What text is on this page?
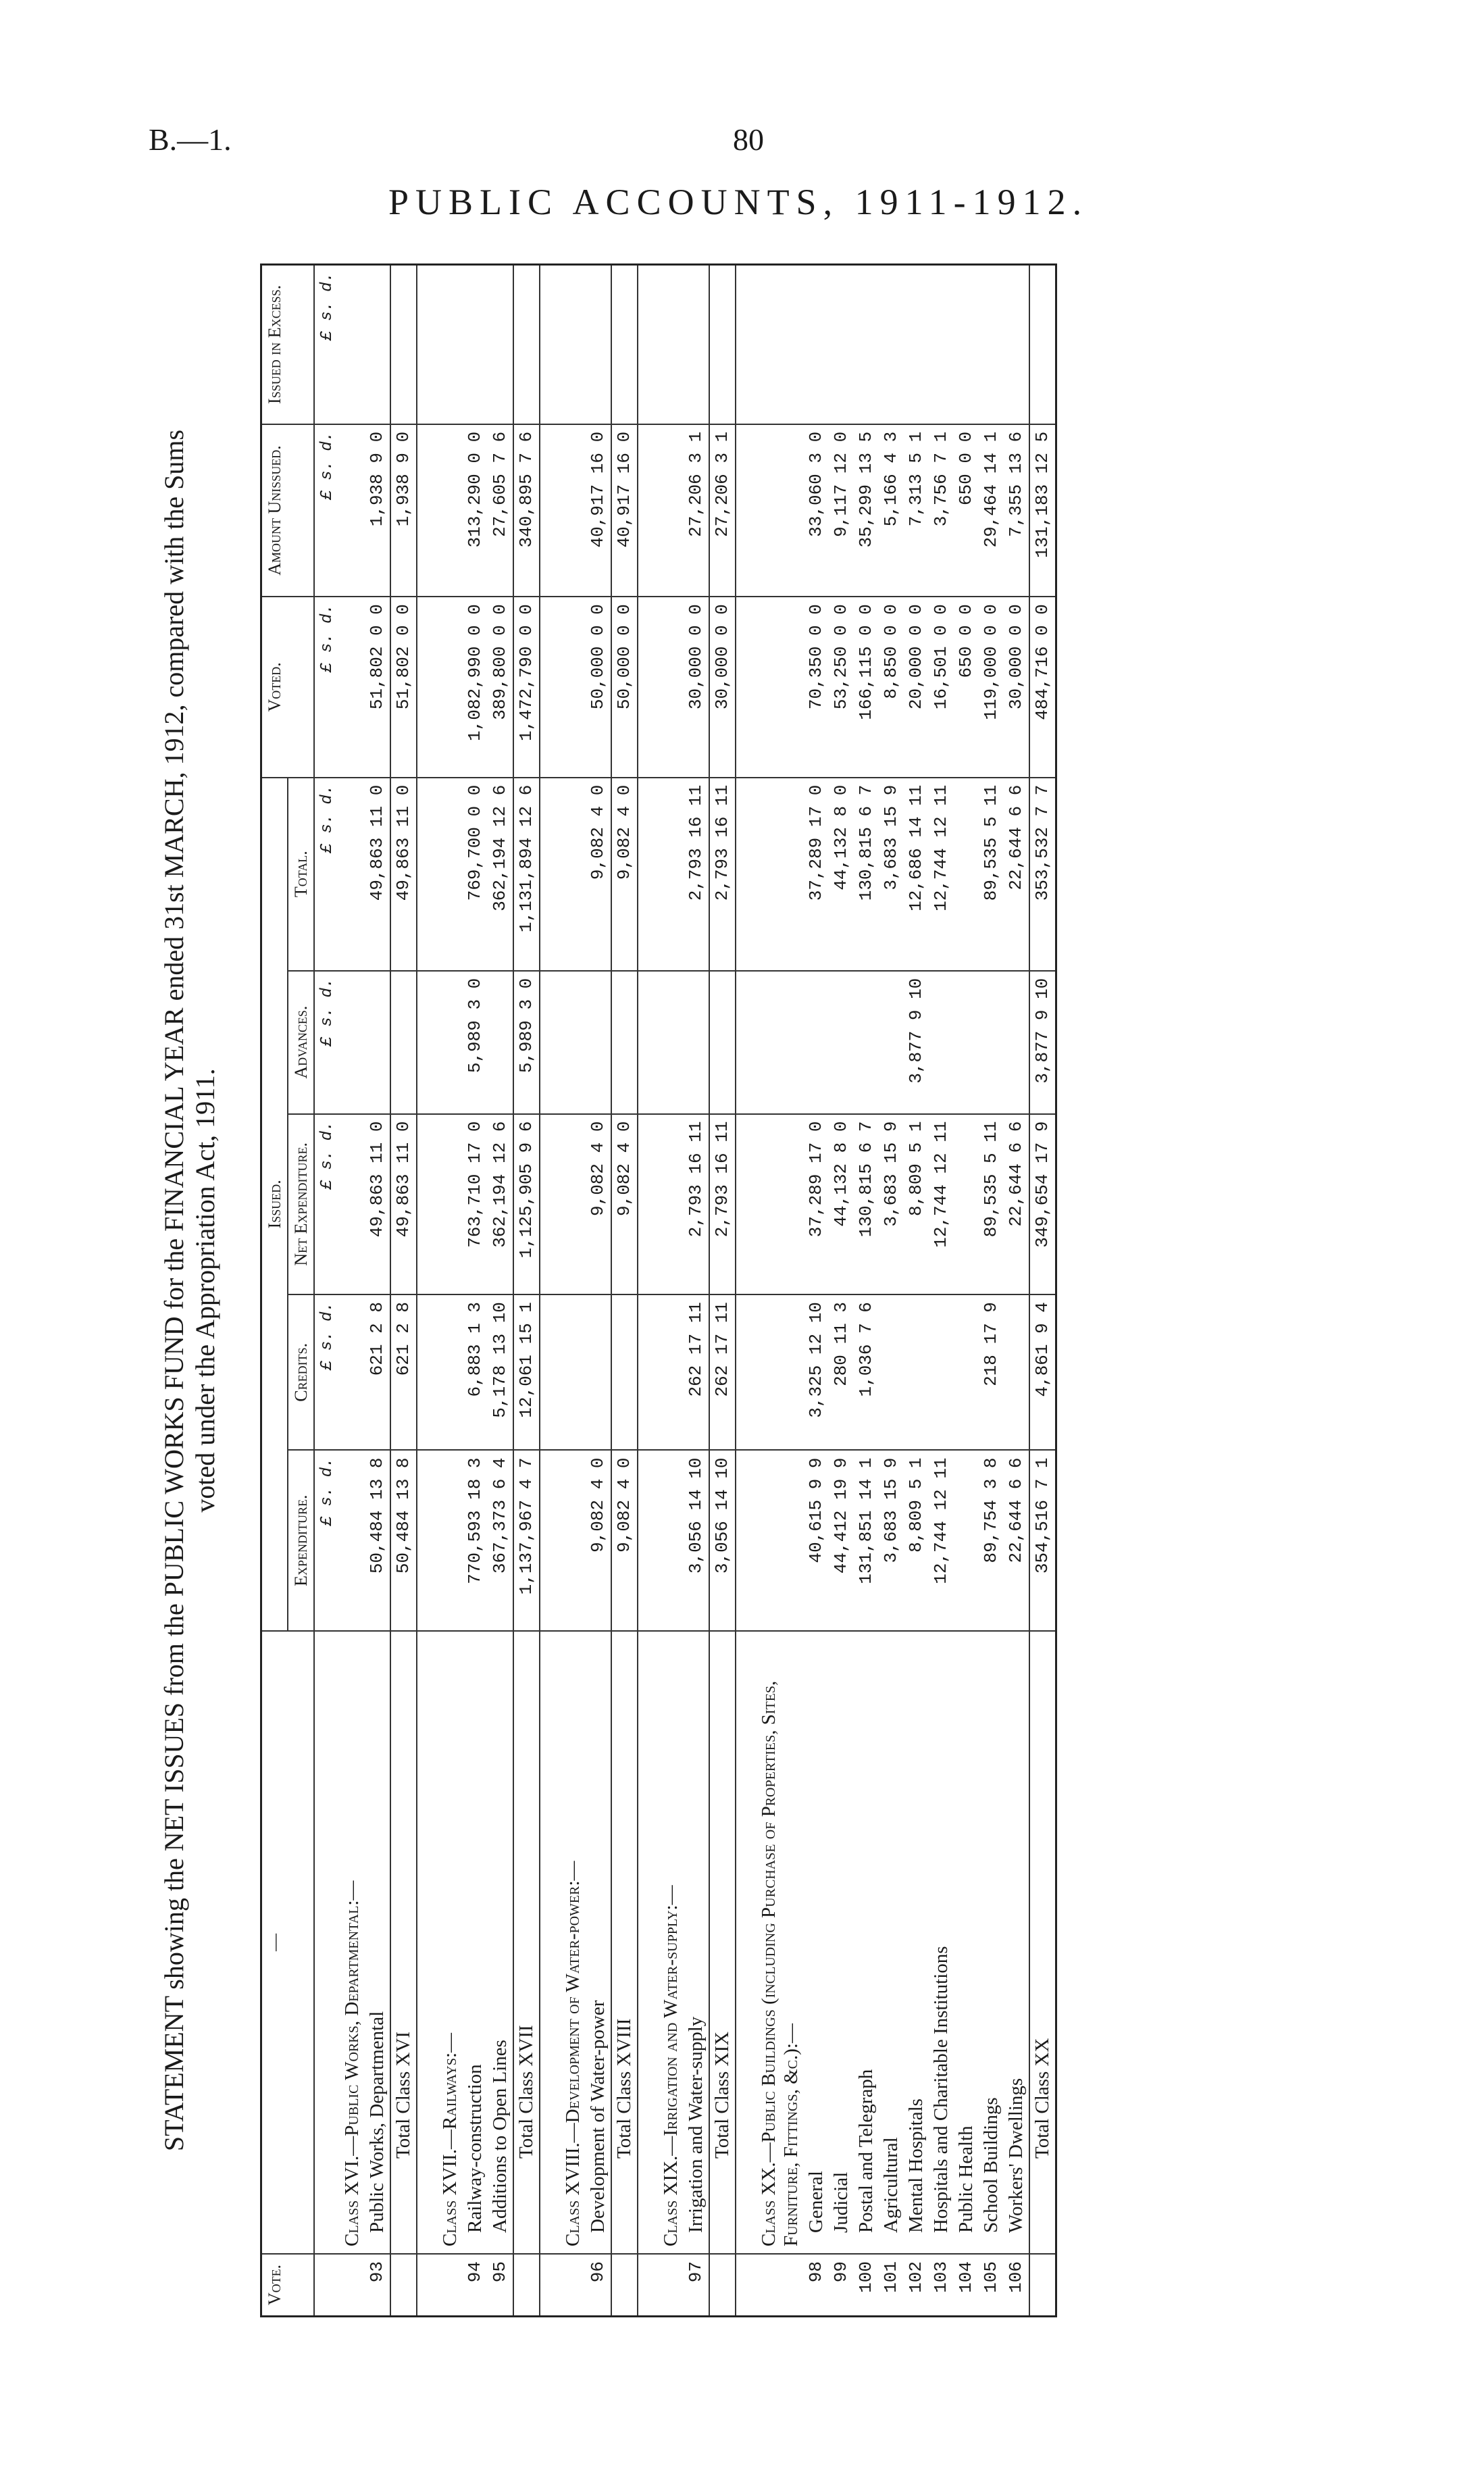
B.—1.	80
PUBLIC ACCOUNTS, 1911-1912.
STATEMENT showing the NET ISSUES from the PUBLIC WORKS FUND for the FINANCIAL YEAR ended 31st MARCH, 1912, compared with the Sums voted under the Appropriation Act, 1911.
Vote.	—	Issued.					Voted.	Amount Unissued.	Issued in Excess.
		Expenditure.	Credits.	Net Expenditure.	Advances.	Total.			
		£ s. d.	£ s. d.	£ s. d.	£ s. d.	£ s. d.	£ s. d.	£ s. d.	£ s. d.
	Class XVI.—Public Works, Departmental:—								
93	Public Works, Departmental	50,484 13 8	621 2 8	49,863 11 0		49,863 11 0	51,802 0 0	1,938 9 0	
	Total Class XVI	50,484 13 8	621 2 8	49,863 11 0		49,863 11 0	51,802 0 0	1,938 9 0	

	Class XVII.—Railways:—								
94	Railway-construction	770,593 18 3	6,883 1 3	763,710 17 0	5,989 3 0	769,700 0 0	1,082,990 0 0	313,290 0 0	
95	Additions to Open Lines	367,373 6 4	5,178 13 10	362,194 12 6		362,194 12 6	389,800 0 0	27,605 7 6	
	Total Class XVII	1,137,967 4 7	12,061 15 1	1,125,905 9 6	5,989 3 0	1,131,894 12 6	1,472,790 0 0	340,895 7 6	

	Class XVIII.—Development of Water-power:—								
96	Development of Water-power	9,082 4 0		9,082 4 0		9,082 4 0	50,000 0 0	40,917 16 0	
	Total Class XVIII	9,082 4 0		9,082 4 0		9,082 4 0	50,000 0 0	40,917 16 0	

	Class XIX.—Irrigation and Water-supply:—								
97	Irrigation and Water-supply	3,056 14 10	262 17 11	2,793 16 11		2,793 16 11	30,000 0 0	27,206 3 1	
	Total Class XIX	3,056 14 10	262 17 11	2,793 16 11		2,793 16 11	30,000 0 0	27,206 3 1	

	Class XX.—Public Buildings (including Purchase of Properties, Sites, Furniture, Fittings, &c.):—								
98	General	40,615 9 9	3,325 12 10	37,289 17 0		37,289 17 0	70,350 0 0	33,060 3 0	
99	Judicial	44,412 19 9	280 11 3	44,132 8 0		44,132 8 0	53,250 0 0	9,117 12 0	
100	Postal and Telegraph	131,851 14 1	1,036 7 6	130,815 6 7		130,815 6 7	166,115 0 0	35,299 13 5	
101	Agricultural	3,683 15 9		3,683 15 9		3,683 15 9	8,850 0 0	5,166 4 3	
102	Mental Hospitals	8,809 5 1		8,809 5 1	3,877 9 10	12,686 14 11	20,000 0 0	7,313 5 1	
103	Hospitals and Charitable Institutions	12,744 12 11		12,744 12 11		12,744 12 11	16,501 0 0	3,756 7 1	
104	Public Health						650 0 0	650 0 0	
105	School Buildings	89,754 3 8	218 17 9	89,535 5 11		89,535 5 11	119,000 0 0	29,464 14 1	
106	Workers' Dwellings	22,644 6 6		22,644 6 6		22,644 6 6	30,000 0 0	7,355 13 6	
	Total Class XX	354,516 7 1	4,861 9 4	349,654 17 9	3,877 9 10	353,532 7 7	484,716 0 0	131,183 12 5	
